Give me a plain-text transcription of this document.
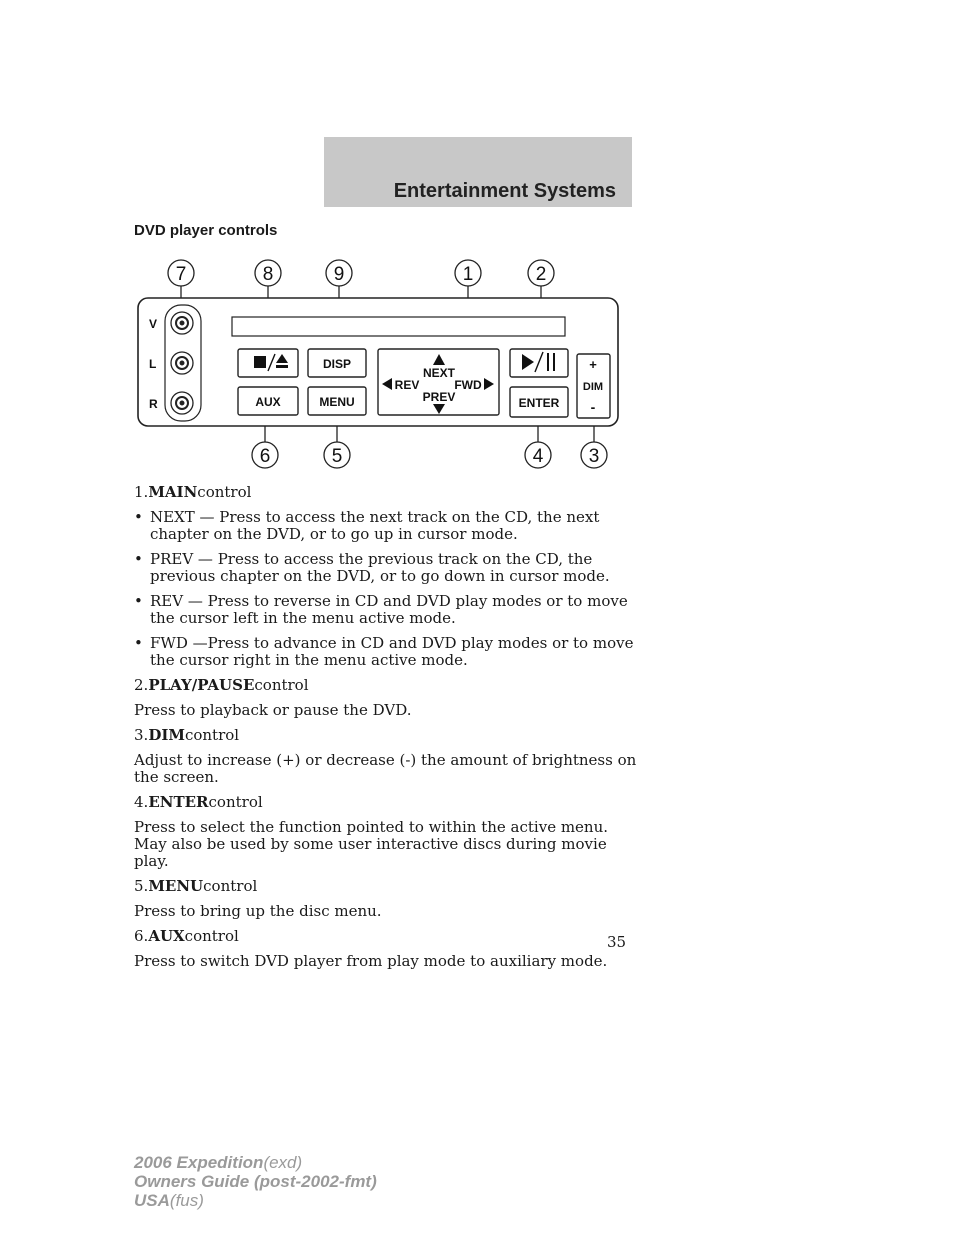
Entertainment Systems
DVD player controls
7	8	9	1	2
6	5	4 3
V
L
R
DISP
AUX	MENU
NEXT
PREV
REV	FWD
ENTER
+
DIM
-

1.MAINcontrol

• NEXT — Press to access the next track on the CD, the next chapter on the DVD, or to go up in cursor mode.
• PREV — Press to access the previous track on the CD, the previous chapter on the DVD, or to go down in cursor mode.
• REV — Press to reverse in CD and DVD play modes or to move the cursor left in the menu active mode.
• FWD —Press to advance in CD and DVD play modes or to move the cursor right in the menu active mode.

2.PLAY/PAUSEcontrol

Press to playback or pause the DVD.

3.DIMcontrol

Adjust to increase (+) or decrease (-) the amount of brightness on the screen.

4.ENTERcontrol

Press to select the function pointed to within the active menu. May also be used by some user interactive discs during movie play.

5.MENUcontrol

Press to bring up the disc menu.

6.AUXcontrol

Press to switch DVD player from play mode to auxiliary mode.

35
2006 Expedition(exd)
Owners Guide (post-2002-fmt)
USA(fus)
